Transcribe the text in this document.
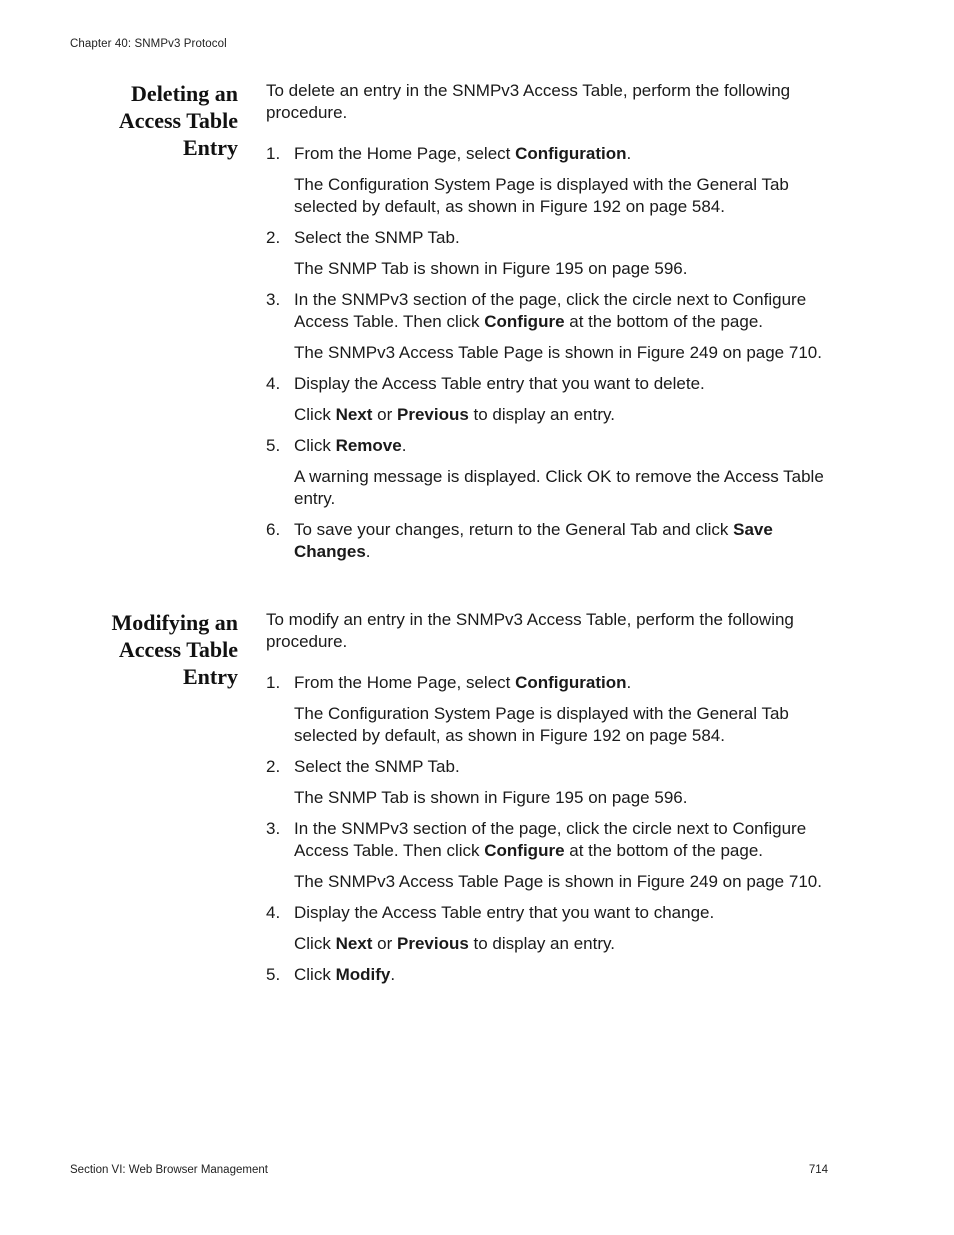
Chapter 40: SNMPv3 Protocol
Deleting an
Access Table
Entry

To delete an entry in the SNMPv3 Access Table, perform the following procedure.

1. From the Home Page, select Configuration.
The Configuration System Page is displayed with the General Tab selected by default, as shown in Figure 192 on page 584.
2. Select the SNMP Tab.
The SNMP Tab is shown in Figure 195 on page 596.
3. In the SNMPv3 section of the page, click the circle next to Configure Access Table. Then click Configure at the bottom of the page.
The SNMPv3 Access Table Page is shown in Figure 249 on page 710.
4. Display the Access Table entry that you want to delete.
Click Next or Previous to display an entry.
5. Click Remove.
A warning message is displayed. Click OK to remove the Access Table entry.
6. To save your changes, return to the General Tab and click Save Changes.
Modifying an
Access Table
Entry

To modify an entry in the SNMPv3 Access Table, perform the following procedure.

1. From the Home Page, select Configuration.
The Configuration System Page is displayed with the General Tab selected by default, as shown in Figure 192 on page 584.
2. Select the SNMP Tab.
The SNMP Tab is shown in Figure 195 on page 596.
3. In the SNMPv3 section of the page, click the circle next to Configure Access Table. Then click Configure at the bottom of the page.
The SNMPv3 Access Table Page is shown in Figure 249 on page 710.
4. Display the Access Table entry that you want to change.
Click Next or Previous to display an entry.
5. Click Modify.
Section VI: Web Browser Management	714
